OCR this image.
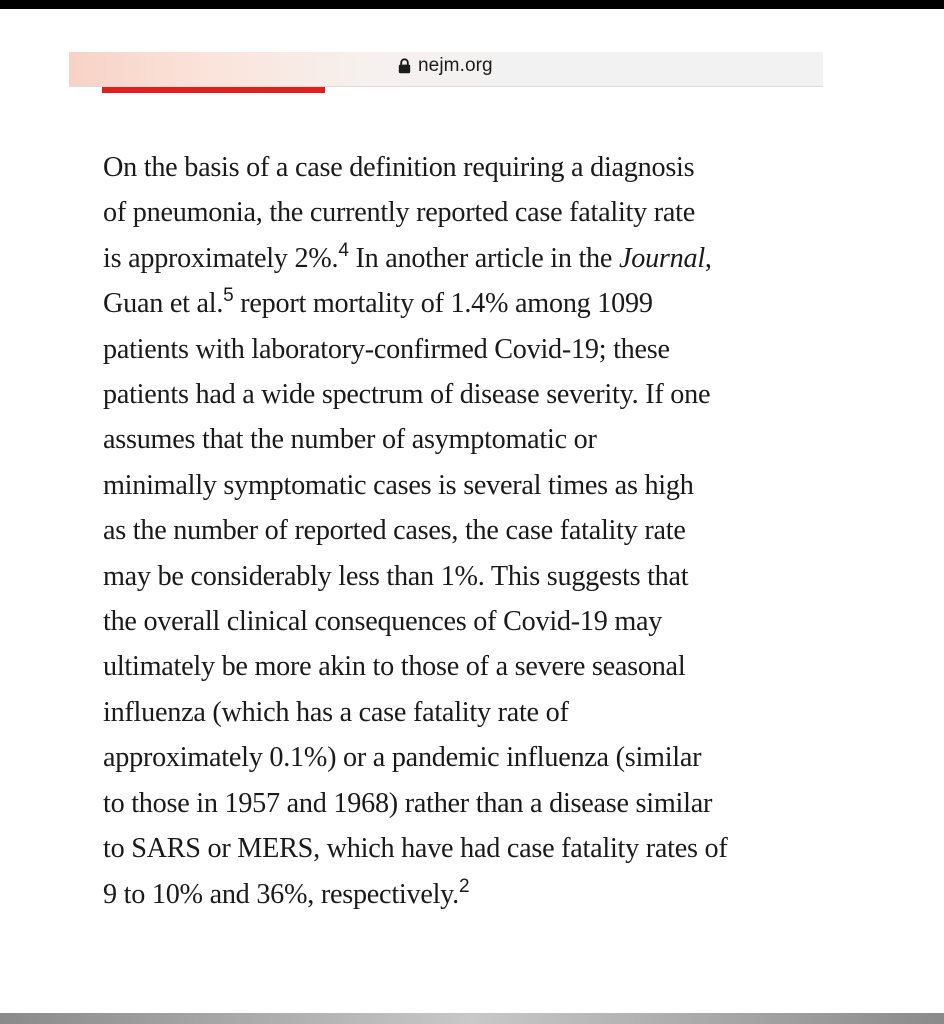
nejm.org

On the basis of a case definition requiring a diagnosis
of pneumonia, the currently reported case fatality rate
is approximately 2%.$^4$ In another article in the Journal,
Guan et al.$^5$ report mortality of 1.4% among 1099
patients with laboratory-confirmed Covid-19; these
patients had a wide spectrum of disease severity. If one
assumes that the number of asymptomatic or
minimally symptomatic cases is several times as high
as the number of reported cases, the case fatality rate
may be considerably less than 1%. This suggests that
the overall clinical consequences of Covid-19 may
ultimately be more akin to those of a severe seasonal
influenza (which has a case fatality rate of
approximately 0.1%) or a pandemic influenza (similar
to those in 1957 and 1968) rather than a disease similar
to SARS or MERS, which have had case fatality rates of
9 to 10% and 36%, respectively.$^2$
